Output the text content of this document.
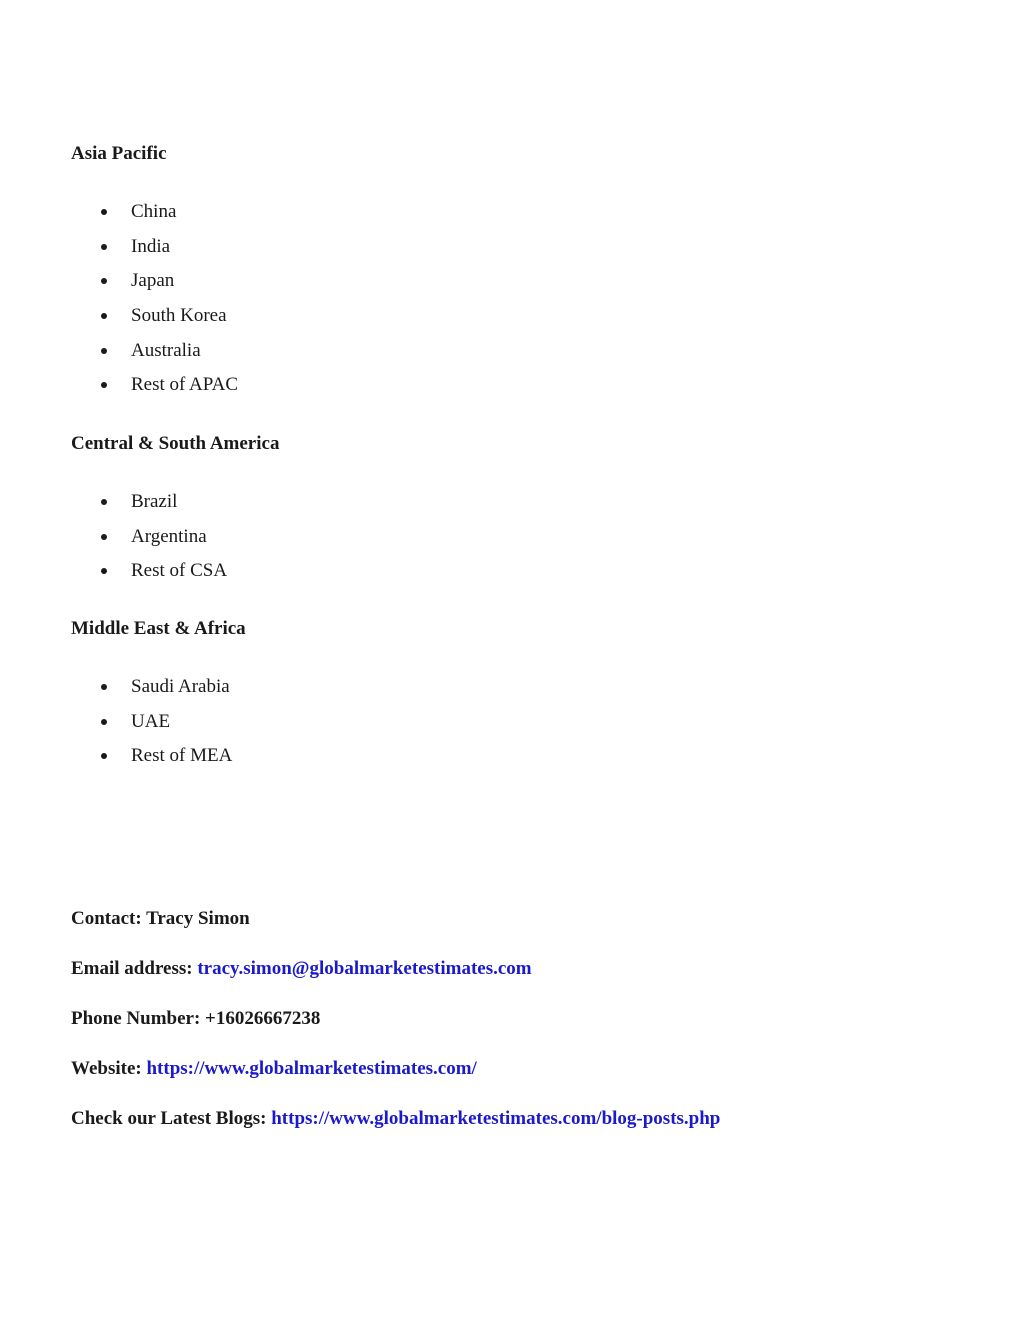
Asia Pacific
China
India
Japan
South Korea
Australia
Rest of APAC
Central & South America
Brazil
Argentina
Rest of CSA
Middle East & Africa
Saudi Arabia
UAE
Rest of MEA
Contact: Tracy Simon
Email address: tracy.simon@globalmarketestimates.com
Phone Number: +16026667238
Website: https://www.globalmarketestimates.com/
Check our Latest Blogs: https://www.globalmarketestimates.com/blog-posts.php
